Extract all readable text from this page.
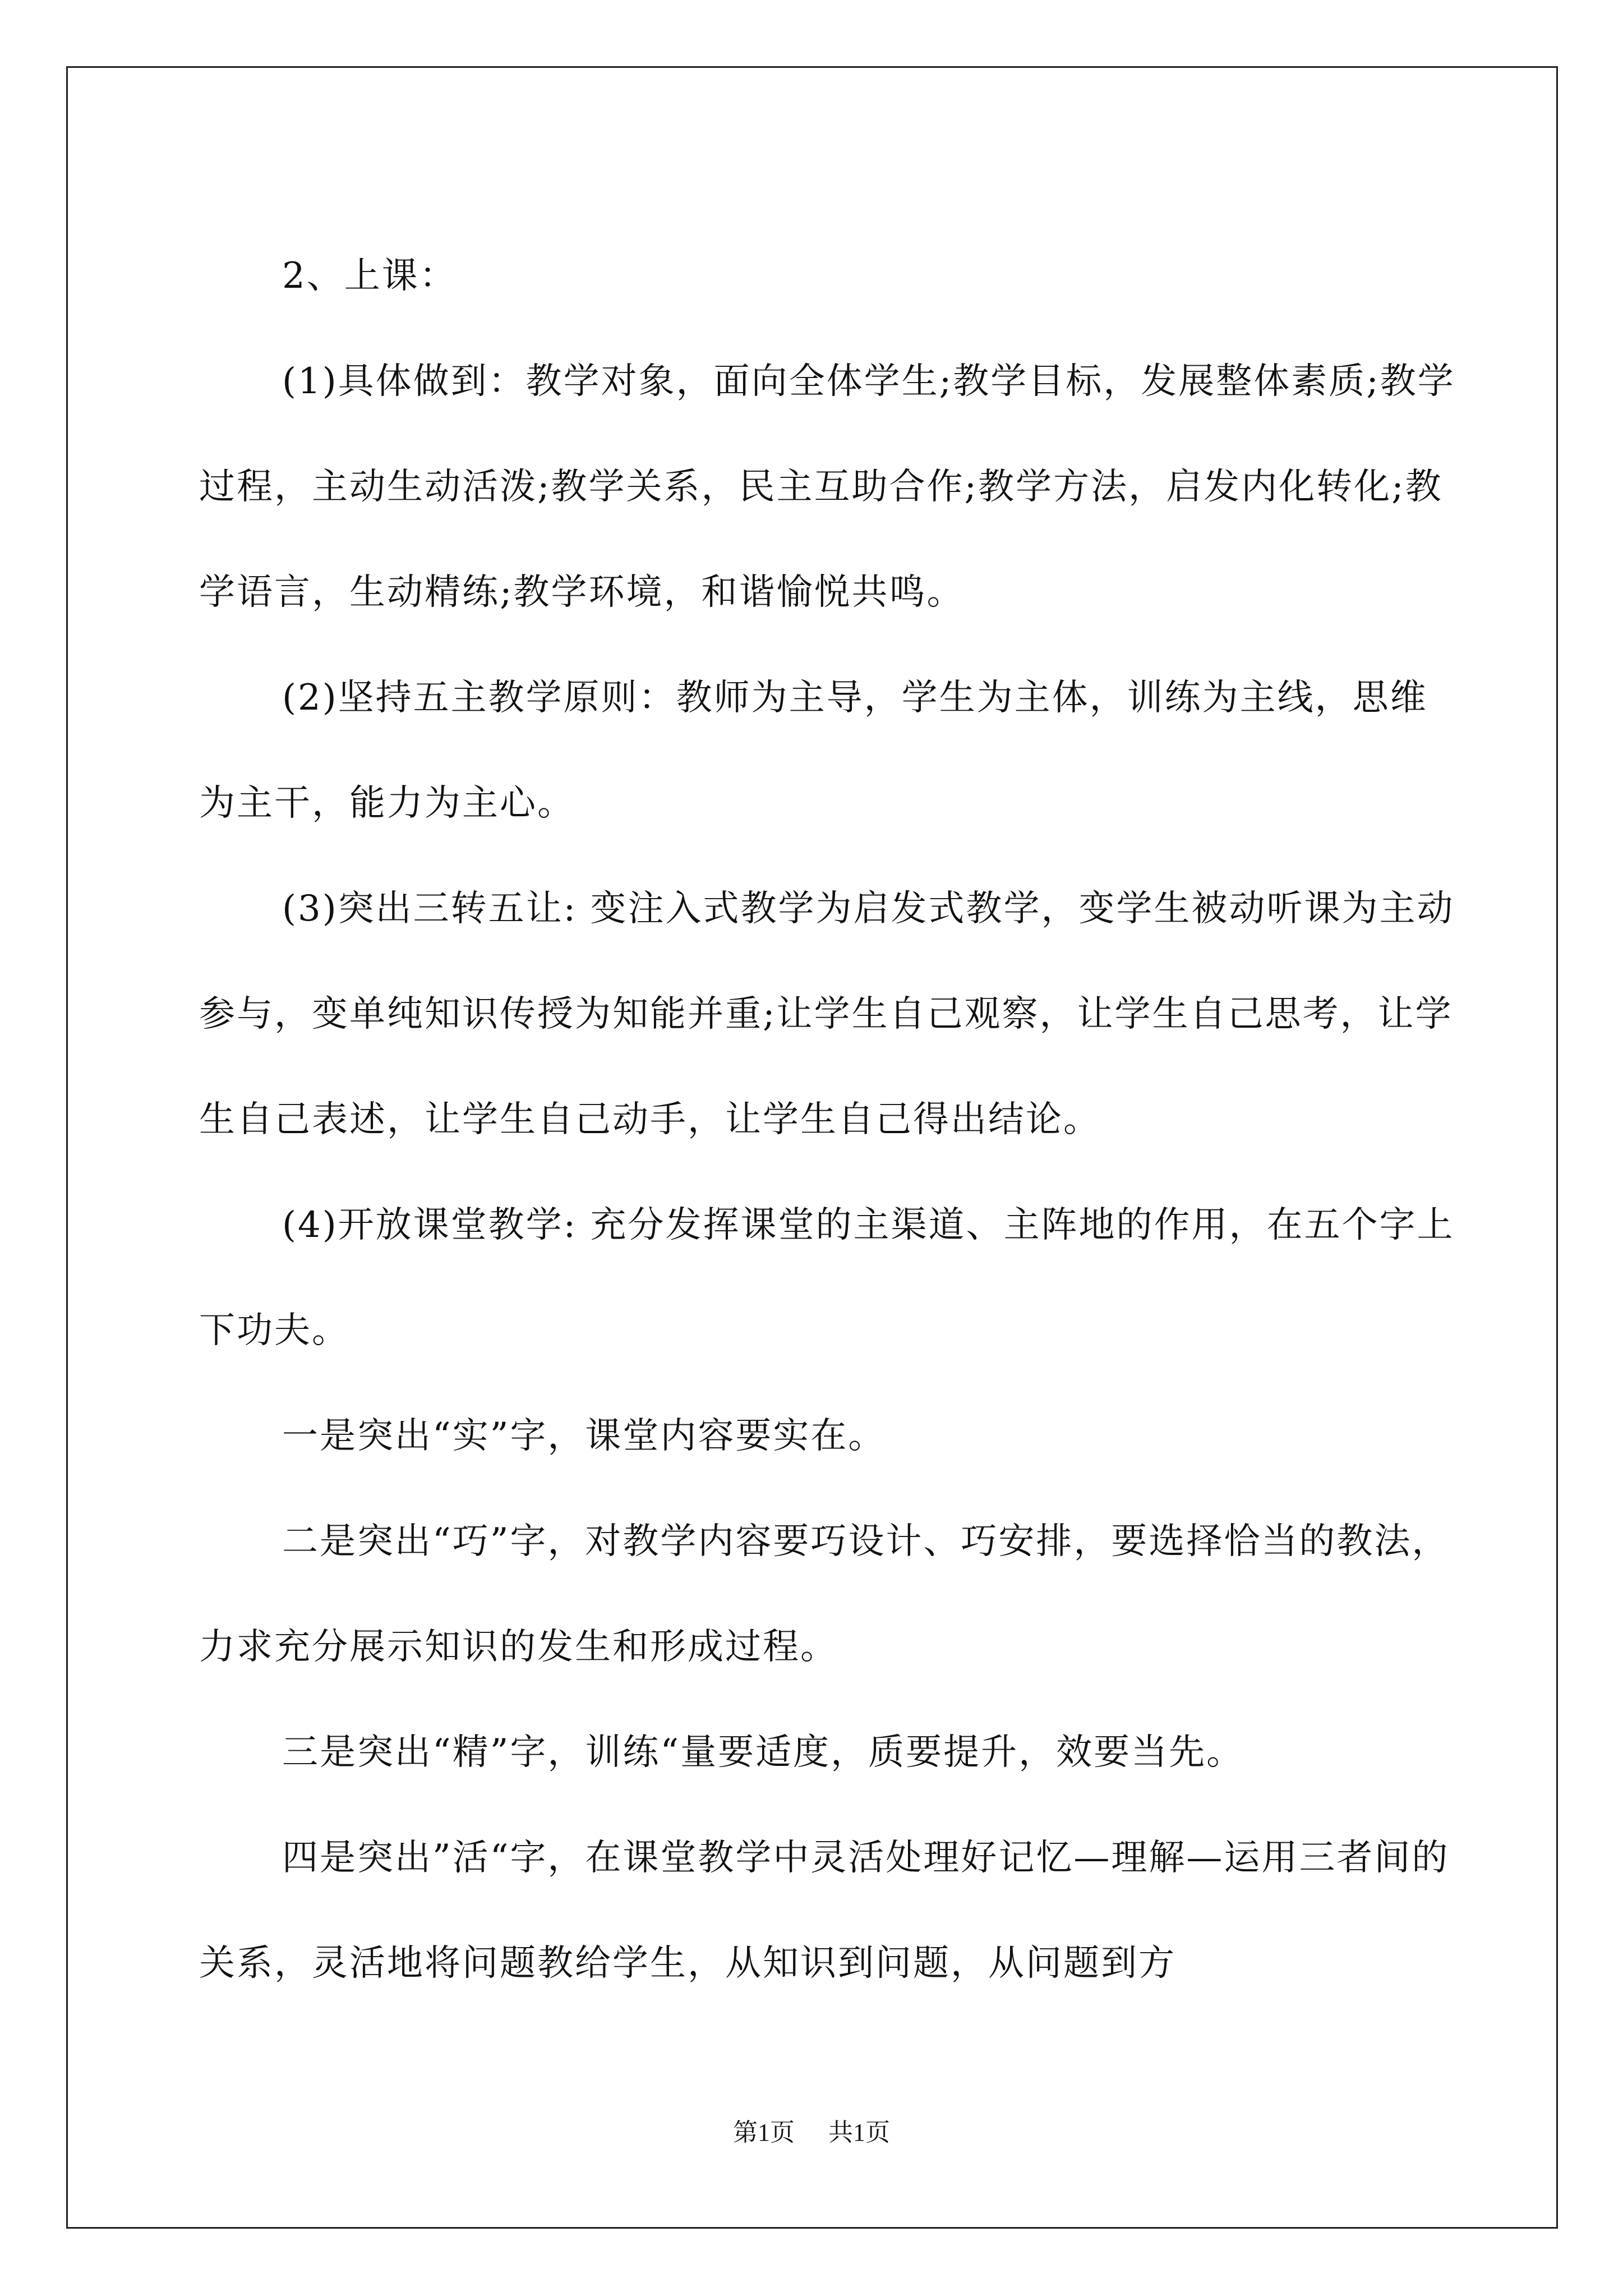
2、上课：

(1)具体做到：教学对象，面向全体学生;教学目标，发展整体素质;教学过程，主动生动活泼;教学关系，民主互助合作;教学方法，启发内化转化;教学语言，生动精练;教学环境，和谐愉悦共鸣。

(2)坚持五主教学原则：教师为主导，学生为主体，训练为主线，思维为主干，能力为主心。

(3)突出三转五让: 变注入式教学为启发式教学，变学生被动听课为主动参与，变单纯知识传授为知能并重;让学生自己观察，让学生自己思考，让学生自己表述，让学生自己动手，让学生自己得出结论。

(4)开放课堂教学: 充分发挥课堂的主渠道、主阵地的作用，在五个字上下功夫。

一是突出“实”字，课堂内容要实在。

二是突出“巧”字，对教学内容要巧设计、巧安排，要选择恰当的教法，力求充分展示知识的发生和形成过程。

三是突出“精”字，训练“量要适度，质要提升，效要当先。

四是突出”活“字，在课堂教学中灵活处理好记忆—理解—运用三者间的关系，灵活地将问题教给学生，从知识到问题，从问题到方

第1页 共1页
